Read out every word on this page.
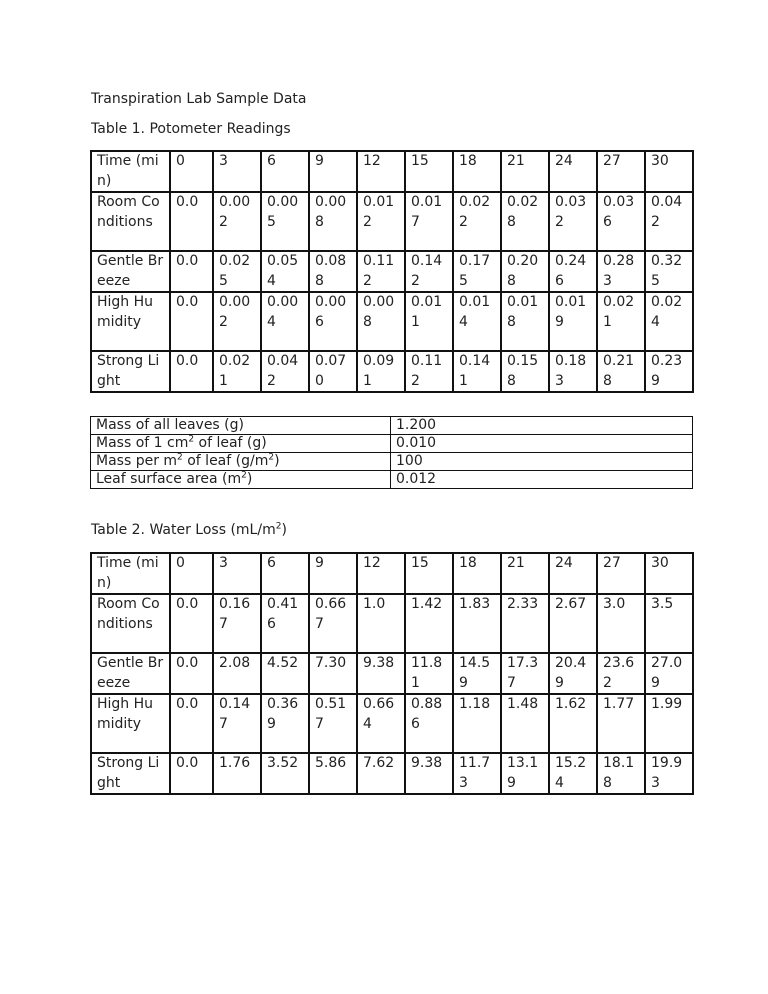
Transpiration Lab Sample Data
Table 1. Potometer Readings
Time (min)	0	3	6	9	12	15	18	21	24	27	30
Room Conditions	0.0	0.002	0.005	0.008	0.012	0.017	0.022	0.028	0.032	0.036	0.042
Gentle Breeze	0.0	0.025	0.054	0.088	0.112	0.142	0.175	0.208	0.246	0.283	0.325
High Humidity	0.0	0.002	0.004	0.006	0.008	0.011	0.014	0.018	0.019	0.021	0.024
Strong Light	0.0	0.021	0.042	0.070	0.091	0.112	0.141	0.158	0.183	0.218	0.239
Mass of all leaves (g)	1.200
Mass of 1 $cm^2$ of leaf (g)	0.010
Mass per $m^2$ of leaf $(g/m^2)$	100
Leaf surface area $(m^2)$	0.012
Table 2. Water Loss $(mL/m^2)$
Time (min)	0	3	6	9	12	15	18	21	24	27	30
Room Conditions	0.0	0.167	0.416	0.667	1.0	1.42	1.83	2.33	2.67	3.0	3.5
Gentle Breeze	0.0	2.08	4.52	7.30	9.38	11.81	14.59	17.37	20.49	23.62	27.09
High Humidity	0.0	0.147	0.369	0.517	0.664	0.886	1.18	1.48	1.62	1.77	1.99
Strong Light	0.0	1.76	3.52	5.86	7.62	9.38	11.73	13.19	15.24	18.18	19.93
